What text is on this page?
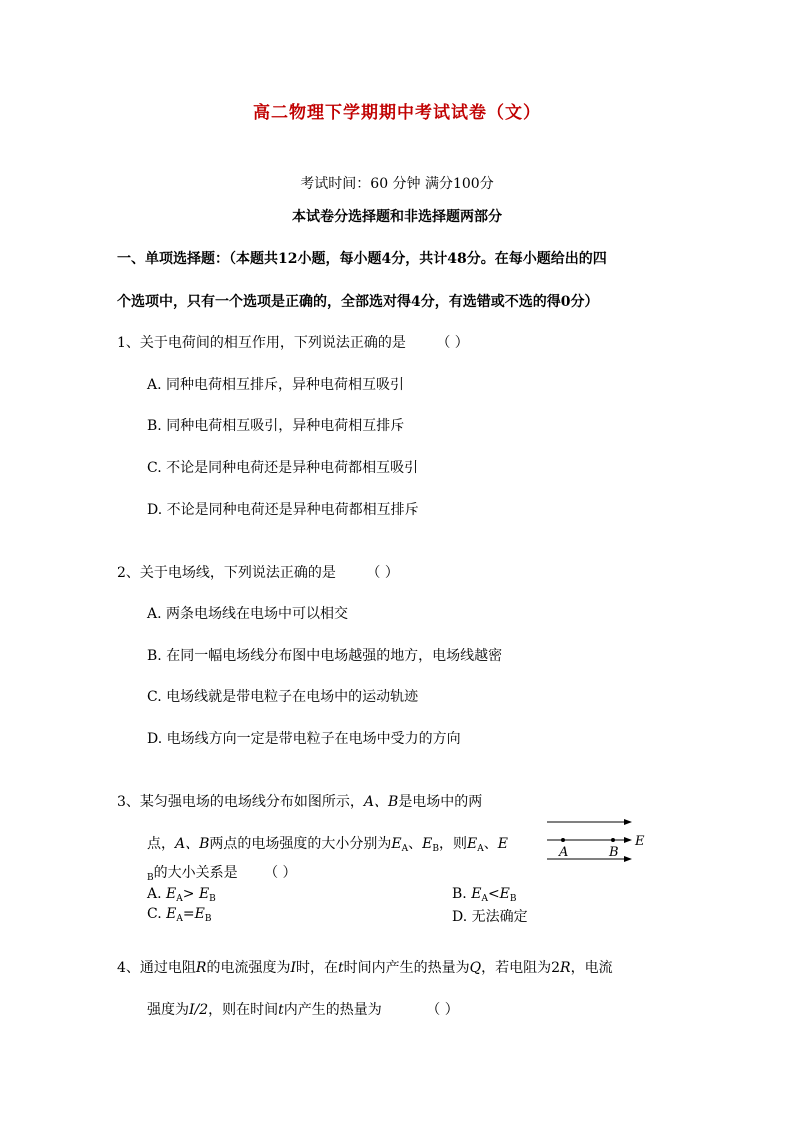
高二物理下学期期中考试试卷（文）
考试时间：60 分钟 满分100分
本试卷分选择题和非选择题两部分
一、单项选择题：（本题共12小题，每小题4分，共计48分。在每小题给出的四
个选项中，只有一个选项是正确的，全部选对得4分，有选错或不选的得0分）
1、关于电荷间的相互作用，下列说法正确的是 （ ）
A. 同种电荷相互排斥，异种电荷相互吸引
B. 同种电荷相互吸引，异种电荷相互排斥
C. 不论是同种电荷还是异种电荷都相互吸引
D. 不论是同种电荷还是异种电荷都相互排斥
2、关于电场线，下列说法正确的是 （ ）
A. 两条电场线在电场中可以相交
B. 在同一幅电场线分布图中电场越强的地方，电场线越密
C. 电场线就是带电粒子在电场中的运动轨迹
D. 电场线方向一定是带电粒子在电场中受力的方向
3、某匀强电场的电场线分布如图所示，A、B是电场中的两
点，A、B两点的电场强度的大小分别为$E_A$、$E_B$，则$E_A$、E
$_B$的大小关系是 （ ）
A. $E_A> E_B$	B. $E_A<E_B$
C. $E_A=E_B$	D. 无法确定
A	B
E
4、通过电阻R的电流强度为I时，在t时间内产生的热量为Q，若电阻为2R，电流
强度为I/2，则在时间t内产生的热量为	（ ）
